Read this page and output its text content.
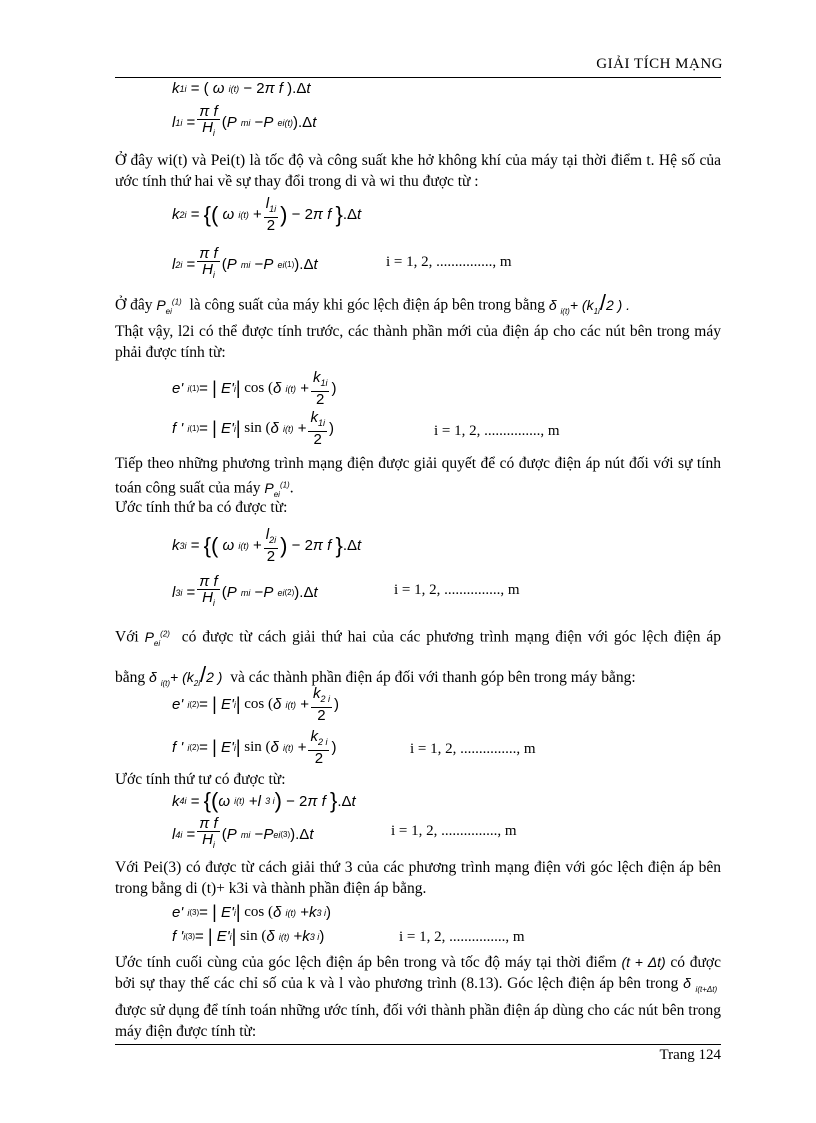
GIẢI TÍCH MẠNG
k 1i
= ( ω i(t) − 2 π f ).Δ t
l 1i
= $\frac{\text{π f}}{H_i}$ ( P mi − P ei(t) ).Δ t
Ở đây wi(t) và Pei(t) là tốc độ và công suất khe hở không khí của máy tại thời điểm t. Hệ số của ước tính thứ hai về sự thay đổi trong di và wi thu được từ :
k 2i
=
{( ω $i(t) + \frac{l_{1i}}{2}$ ) − 2 π f } .Δ t
l 2i
= $\frac{\text{π f}}{H_i}$ ( P mi − P ei (1) ).Δ t	i = 1, 2, ..............., m
Ở đây $P_{ei}^{(1)}$ là công suất của máy khi góc lệch điện áp bên trong bằng δ $_{i(t)}+ (k_{1i}/2$ ) .
Thật vậy, l2i có thể được tính trước, các thành phần mới của điện áp cho các nút bên trong máy phải được tính từ:
e' i (1) =
| E' i | cos ( δ $i(t) + \frac{k_{1i}}{2}$ )
f ' i (1) =
| E' i | sin ( δ $i(t) + \frac{k_{1i}}{2}$ )	i = 1, 2, ..............., m
Tiếp theo những phương trình mạng điện được giải quyết để có được điện áp nút đối với sự tính toán công suất của máy $P_{ei}^{(1)}$.
Ước tính thứ ba có được từ:
k 3i
=
{( ω $i(t) + \frac{l_{2i}}{2}$ ) − 2 π f } .Δ t
l 3i
= $\frac{\text{π f}}{H_i}$ ( P mi − P ei (2) ).Δ t	i = 1, 2, ..............., m
Với $P_{ei}^{(2)}$ có được từ cách giải thứ hai của các phương trình mạng điện với góc lệch điện áp bằng δ $_{i(t)}+ (k_{2i}/2$ ) và các thành phần điện áp đối với thanh góp bên trong máy bằng:
e' i (2) =
| E' i | cos ( δ $i(t) + \frac{k_{2 i}}{2}$ )
f ' i (2) =
| E' i | sin ( δ $i(t) + \frac{k_{2 i}}{2}$ )	i = 1, 2, ..............., m
Ước tính thứ tư có được từ:
k 4i
=
{( ω i(t) + l 3 i ) − 2 π f } .Δ t
l 4i
= $\frac{\text{π f}}{H_i}$ ( P mi − P ei (3) ).Δ t	i = 1, 2, ..............., m
Với Pei(3) có được từ cách giải thứ 3 của các phương trình mạng điện với góc lệch điện áp bên trong bằng di (t)+ k3i và thành phần điện áp bằng.
e' i (3) =
| E' i | cos ( δ i(t) + k 3 i )
f ' i (3) =
| E' i | sin ( δ i(t) + k 3 i )	i = 1, 2, ..............., m
Ước tính cuối cùng của góc lệch điện áp bên trong và tốc độ máy tại thời điểm (t + Δt) có được bởi sự thay thế các chỉ số của k và l vào phương trình (8.13). Góc lệch điện áp bên trong δ $_{i(t+\Delta t)}$  được sử dụng để tính toán những ước tính, đối với thành phần điện áp dùng cho các nút bên trong máy điện được tính từ:
Trang 124
